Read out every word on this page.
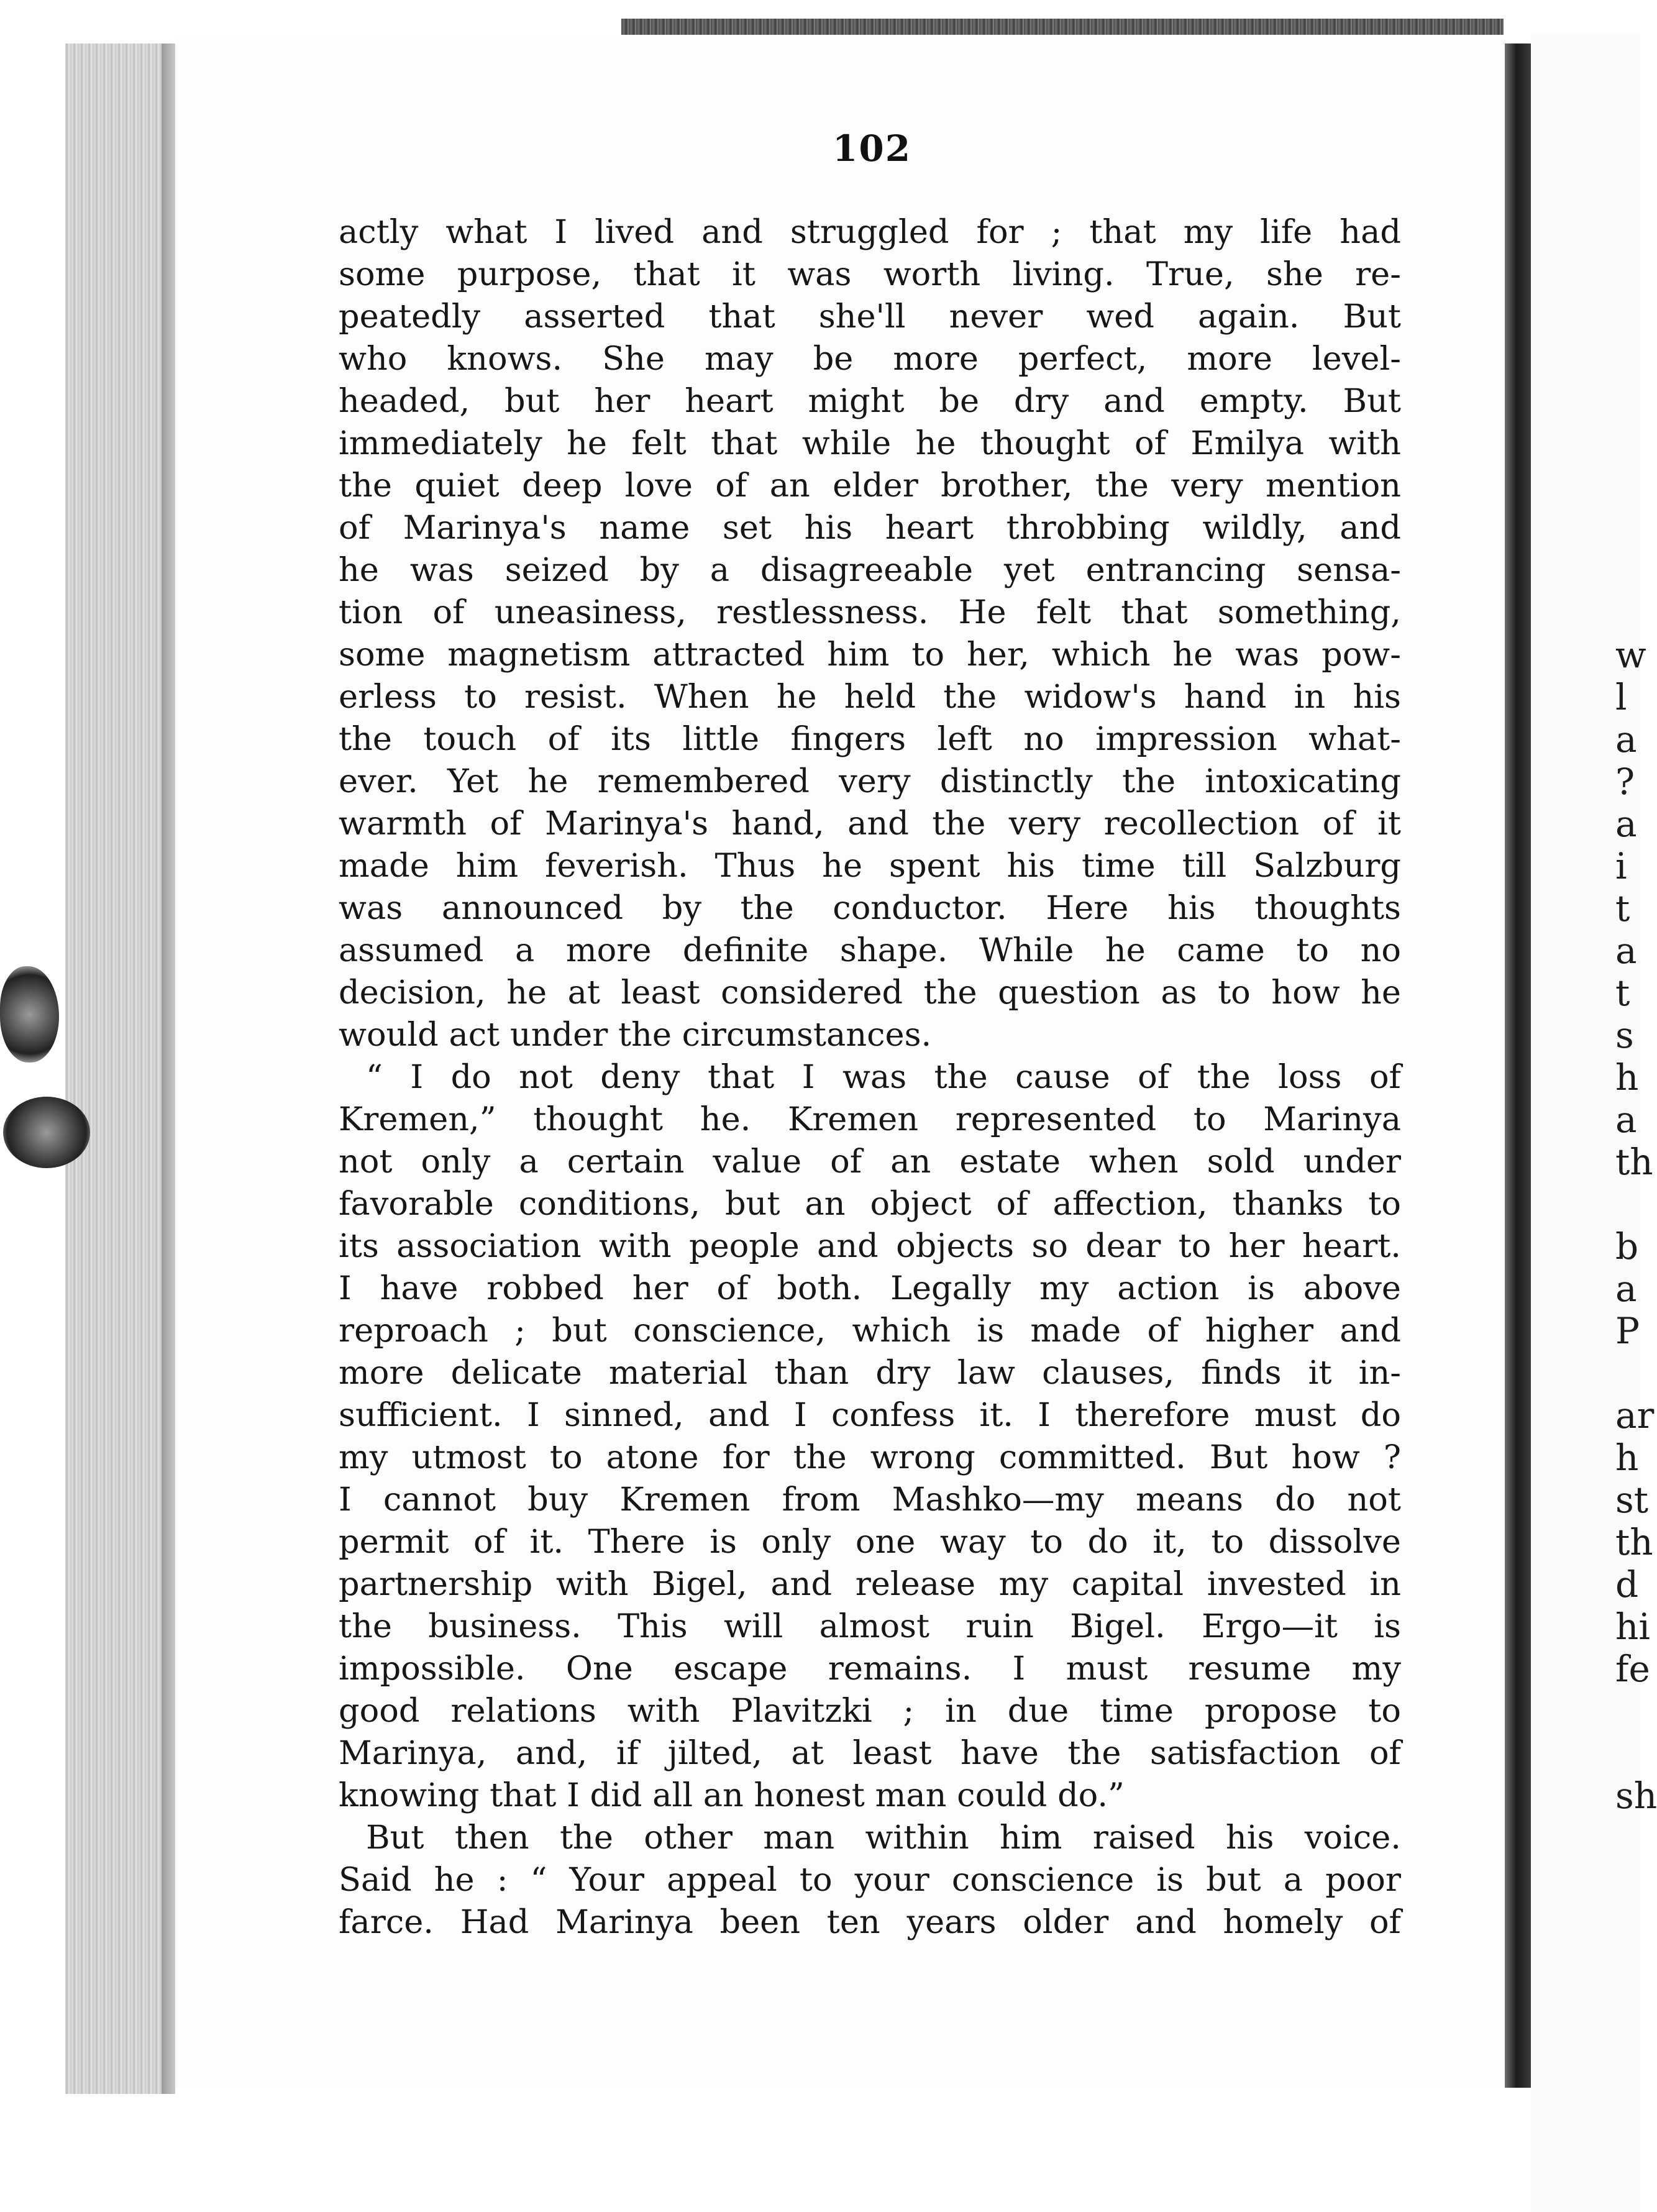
w
l
a
?
a
i
t
a
t
s
h
a
th
b
a
P
ar
h
st
th
d
hi
fe
sh
102
actly what I lived and struggled for ; that my life had
some purpose, that it was worth living. True, she re-
peatedly asserted that she'll never wed again. But
who knows. She may be more perfect, more level-
headed, but her heart might be dry and empty. But
immediately he felt that while he thought of Emilya with
the quiet deep love of an elder brother, the very mention
of Marinya's name set his heart throbbing wildly, and
he was seized by a disagreeable yet entrancing sensa-
tion of uneasiness, restlessness. He felt that something,
some magnetism attracted him to her, which he was pow-
erless to resist. When he held the widow's hand in his
the touch of its little fingers left no impression what-
ever. Yet he remembered very distinctly the intoxicating
warmth of Marinya's hand, and the very recollection of it
made him feverish. Thus he spent his time till Salzburg
was announced by the conductor. Here his thoughts
assumed a more definite shape. While he came to no
decision, he at least considered the question as to how he
would act under the circumstances.
“ I do not deny that I was the cause of the loss of
Kremen,” thought he. Kremen represented to Marinya
not only a certain value of an estate when sold under
favorable conditions, but an object of affection, thanks to
its association with people and objects so dear to her heart.
I have robbed her of both. Legally my action is above
reproach ; but conscience, which is made of higher and
more delicate material than dry law clauses, finds it in-
sufficient. I sinned, and I confess it. I therefore must do
my utmost to atone for the wrong committed. But how ?
I cannot buy Kremen from Mashko—my means do not
permit of it. There is only one way to do it, to dissolve
partnership with Bigel, and release my capital invested in
the business. This will almost ruin Bigel. Ergo—it is
impossible. One escape remains. I must resume my
good relations with Plavitzki ; in due time propose to
Marinya, and, if jilted, at least have the satisfaction of
knowing that I did all an honest man could do.”
But then the other man within him raised his voice.
Said he : “ Your appeal to your conscience is but a poor
farce. Had Marinya been ten years older and homely of
